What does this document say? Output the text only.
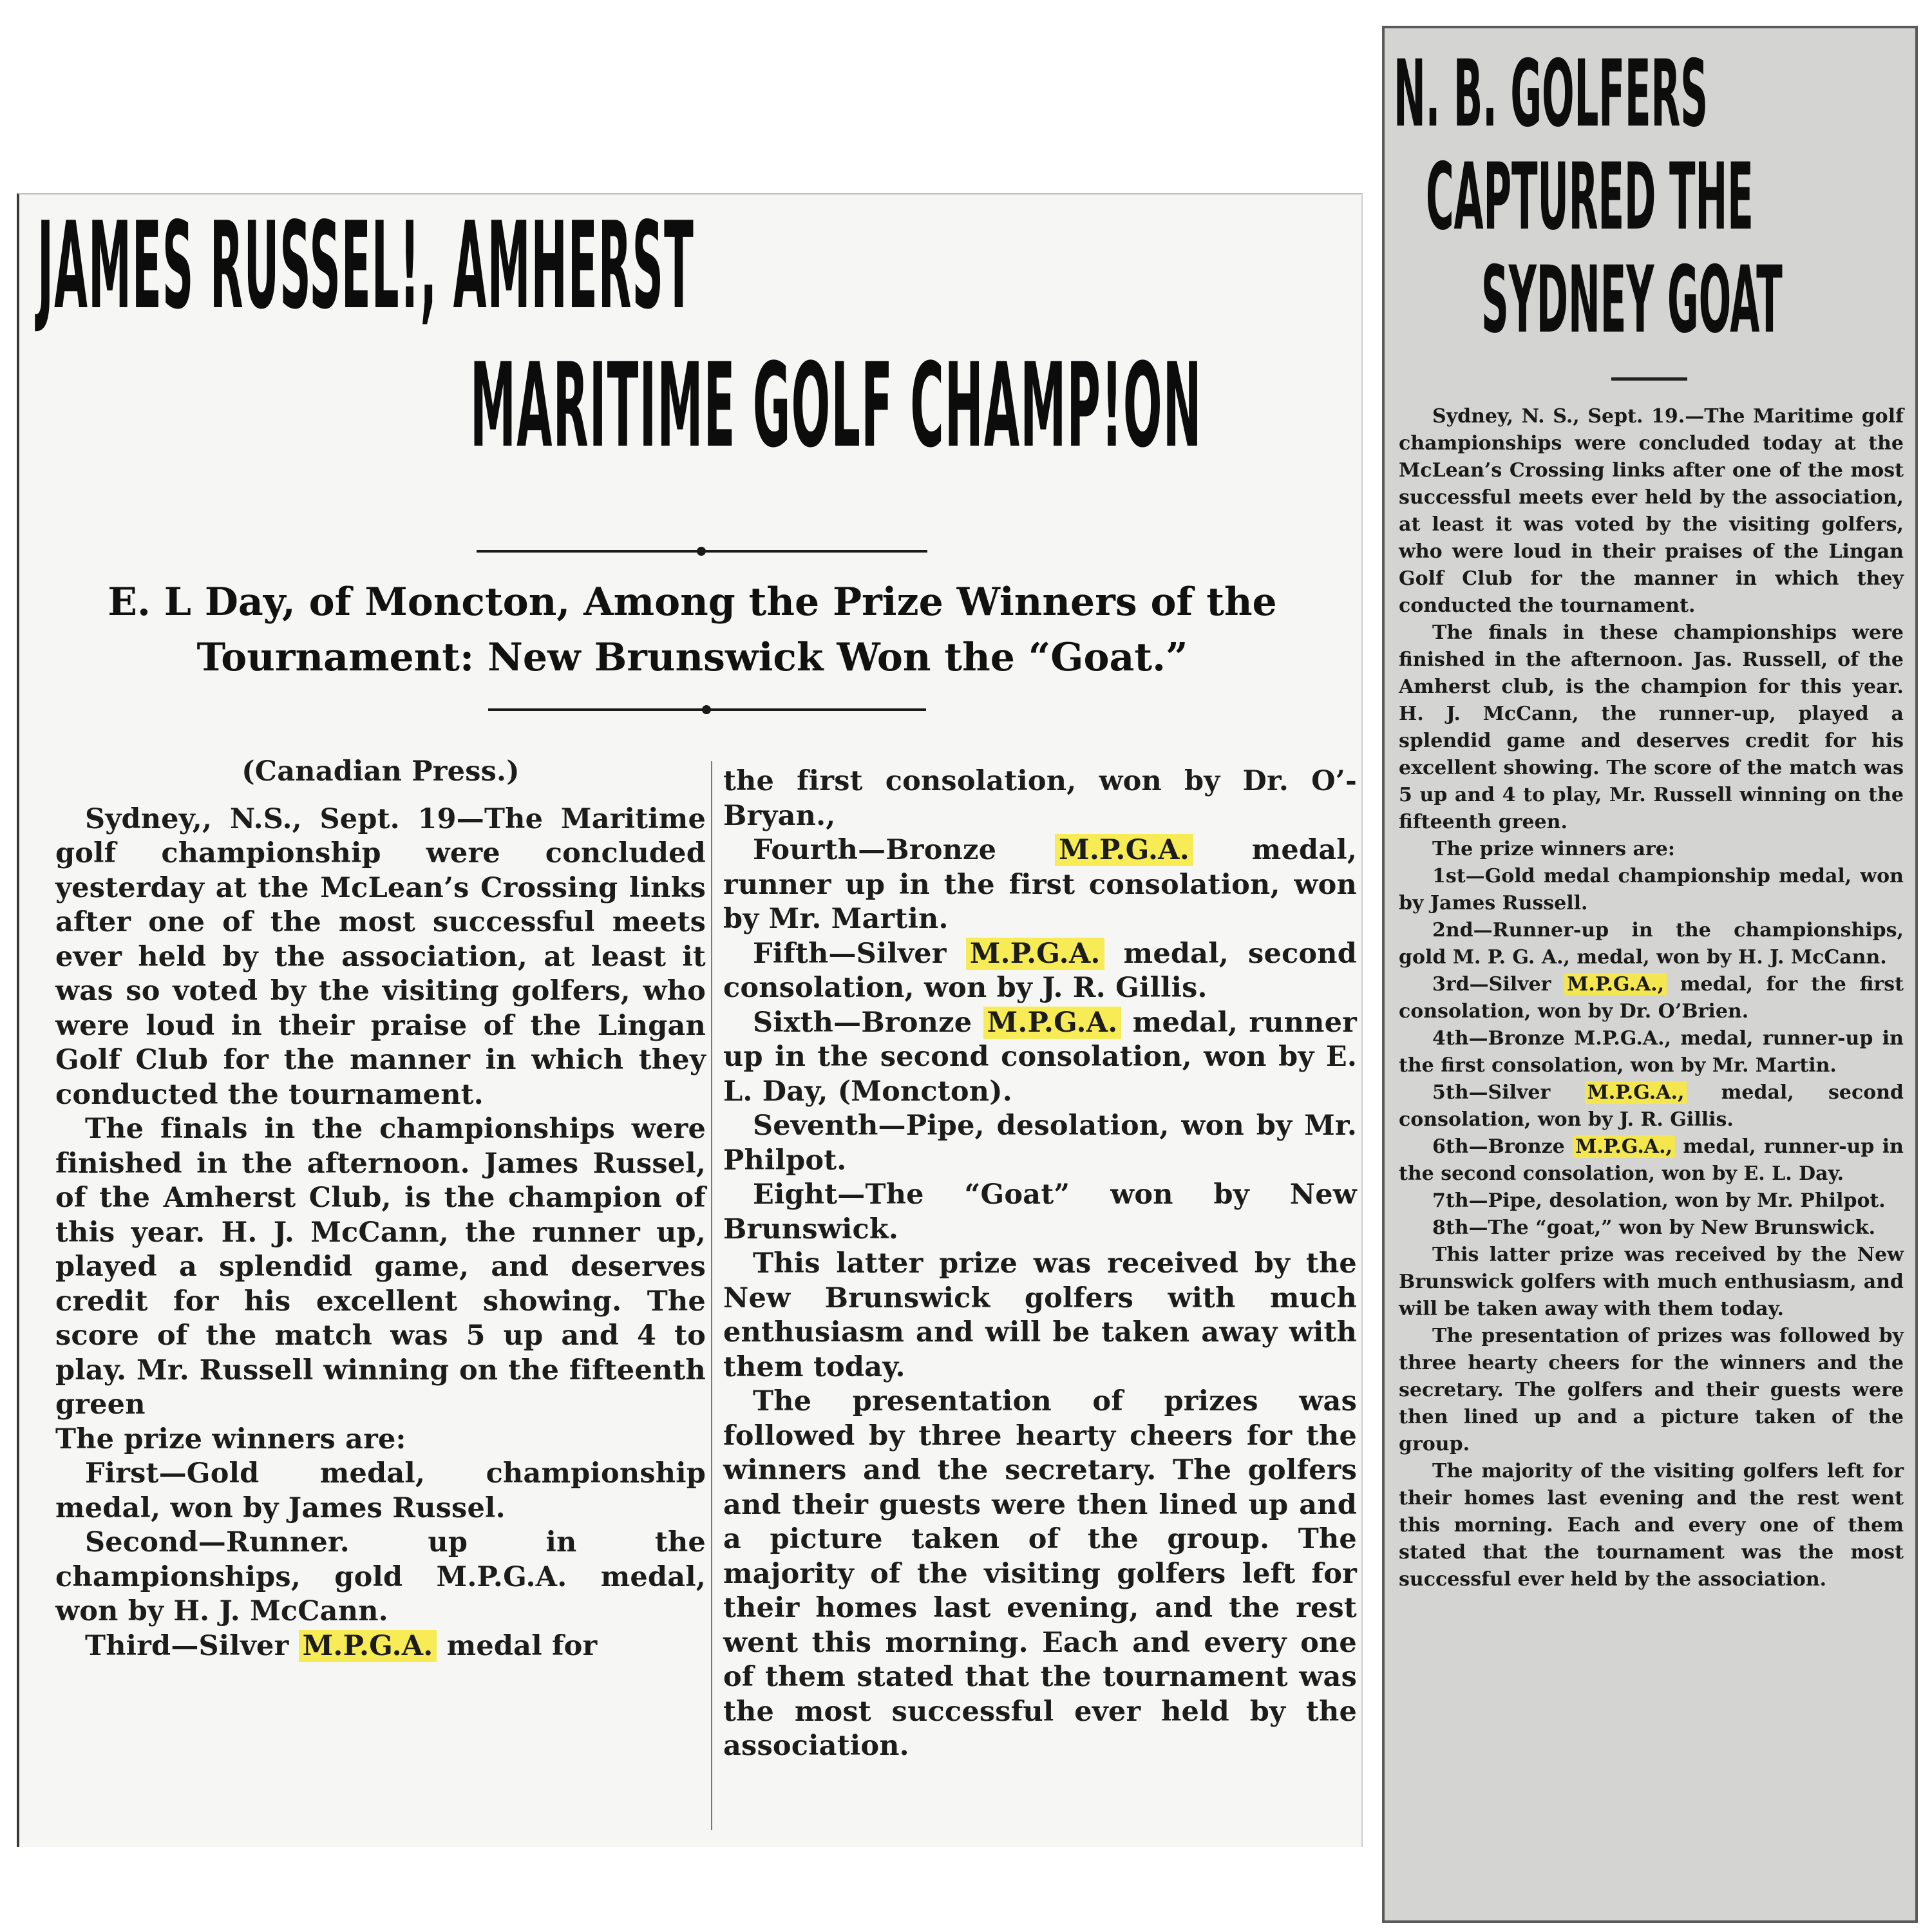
JAMES RUSSEL!, AMHERST
MARITIME GOLF CHAMP!ON
E. L Day, of Moncton, Among the Prize Winners of the Tournament: New Brunswick Won the “Goat.”

(Canadian Press.)

Sydney,, N.S., Sept. 19—The Maritime golf championship were concluded yesterday at the McLean’s Crossing links after one of the most successful meets ever held by the association, at least it was so voted by the visiting golfers, who were loud in their praise of the Lingan Golf Club for the manner in which they conducted the tournament.

The finals in the championships were finished in the afternoon. James Russel, of the Amherst Club, is the champion of this year. H. J. McCann, the runner up, played a splendid game, and deserves credit for his excellent showing. The score of the match was 5 up and 4 to play. Mr. Russell winning on the fifteenth green

The prize winners are:

First—Gold medal, championship medal, won by James Russel.

Second—Runner. up in the championships, gold M.P.G.A. medal, won by H. J. McCann.

Third—Silver M.P.G.A. medal for

the first consolation, won by Dr. O’-Bryan.,

Fourth—Bronze M.P.G.A. medal, runner up in the first consolation, won by Mr. Martin.

Fifth—Silver M.P.G.A. medal, second consolation, won by J. R. Gillis.

Sixth—Bronze M.P.G.A. medal, runner up in the second consolation, won by E. L. Day, (Moncton).

Seventh—Pipe, desolation, won by Mr. Philpot.

Eight—The “Goat” won by New Brunswick.

This latter prize was received by the New Brunswick golfers with much enthusiasm and will be taken away with them today.

The presentation of prizes was followed by three hearty cheers for the winners and the secretary. The golfers and their guests were then lined up and a picture taken of the group. The majority of the visiting golfers left for their homes last evening, and the rest went this morning. Each and every one of them stated that the tournament was the most successful ever held by the association.

N. B. GOLFERS
CAPTURED THE
SYDNEY GOAT

Sydney, N. S., Sept. 19.—The Maritime golf championships were concluded today at the McLean’s Crossing links after one of the most successful meets ever held by the association, at least it was voted by the visiting golfers, who were loud in their praises of the Lingan Golf Club for the manner in which they conducted the tournament.

The finals in these championships were finished in the afternoon. Jas. Russell, of the Amherst club, is the champion for this year. H. J. McCann, the runner-up, played a splendid game and deserves credit for his excellent showing. The score of the match was 5 up and 4 to play, Mr. Russell winning on the fifteenth green.

The prize winners are:

1st—Gold medal championship medal, won by James Russell.

2nd—Runner-up in the championships, gold M. P. G. A., medal, won by H. J. McCann.

3rd—Silver M.P.G.A., medal, for the first consolation, won by Dr. O’Brien.

4th—Bronze M.P.G.A., medal, runner-up in the first consolation, won by Mr. Martin.

5th—Silver M.P.G.A., medal, second consolation, won by J. R. Gillis.

6th—Bronze M.P.G.A., medal, runner-up in the second consolation, won by E. L. Day.

7th—Pipe, desolation, won by Mr. Philpot.

8th—The “goat,” won by New Brunswick.

This latter prize was received by the New Brunswick golfers with much enthusiasm, and will be taken away with them today.

The presentation of prizes was followed by three hearty cheers for the winners and the secretary. The golfers and their guests were then lined up and a picture taken of the group.

The majority of the visiting golfers left for their homes last evening and the rest went this morning. Each and every one of them stated that the tournament was the most successful ever held by the association.
